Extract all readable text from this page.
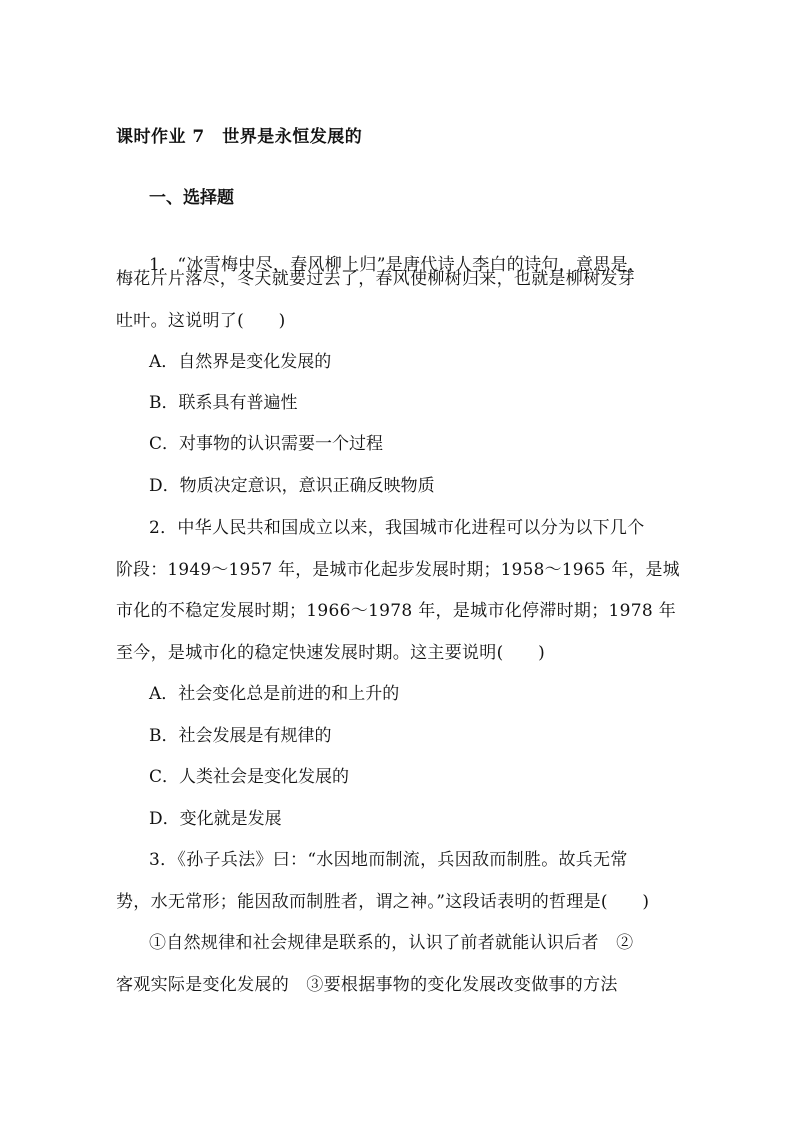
课时作业 7　世界是永恒发展的
一、选择题
1．“冰雪梅中尽，春风柳上归”是唐代诗人李白的诗句，意思是，
梅花片片落尽，冬天就要过去了，春风使柳树归来，也就是柳树发芽
吐叶。这说明了(　　)
A．自然界是变化发展的
B．联系具有普遍性
C．对事物的认识需要一个过程
D．物质决定意识，意识正确反映物质
2．中华人民共和国成立以来，我国城市化进程可以分为以下几个
阶段：1949～1957 年，是城市化起步发展时期；1958～1965 年，是城
市化的不稳定发展时期；1966～1978 年，是城市化停滞时期；1978 年
至今，是城市化的稳定快速发展时期。这主要说明(　　)
A．社会变化总是前进的和上升的
B．社会发展是有规律的
C．人类社会是变化发展的
D．变化就是发展
3．《孙子兵法》曰：“水因地而制流，兵因敌而制胜。故兵无常
势，水无常形；能因敌而制胜者，谓之神。”这段话表明的哲理是(　　)
①自然规律和社会规律是联系的，认识了前者就能认识后者　②
客观实际是变化发展的　③要根据事物的变化发展改变做事的方法
